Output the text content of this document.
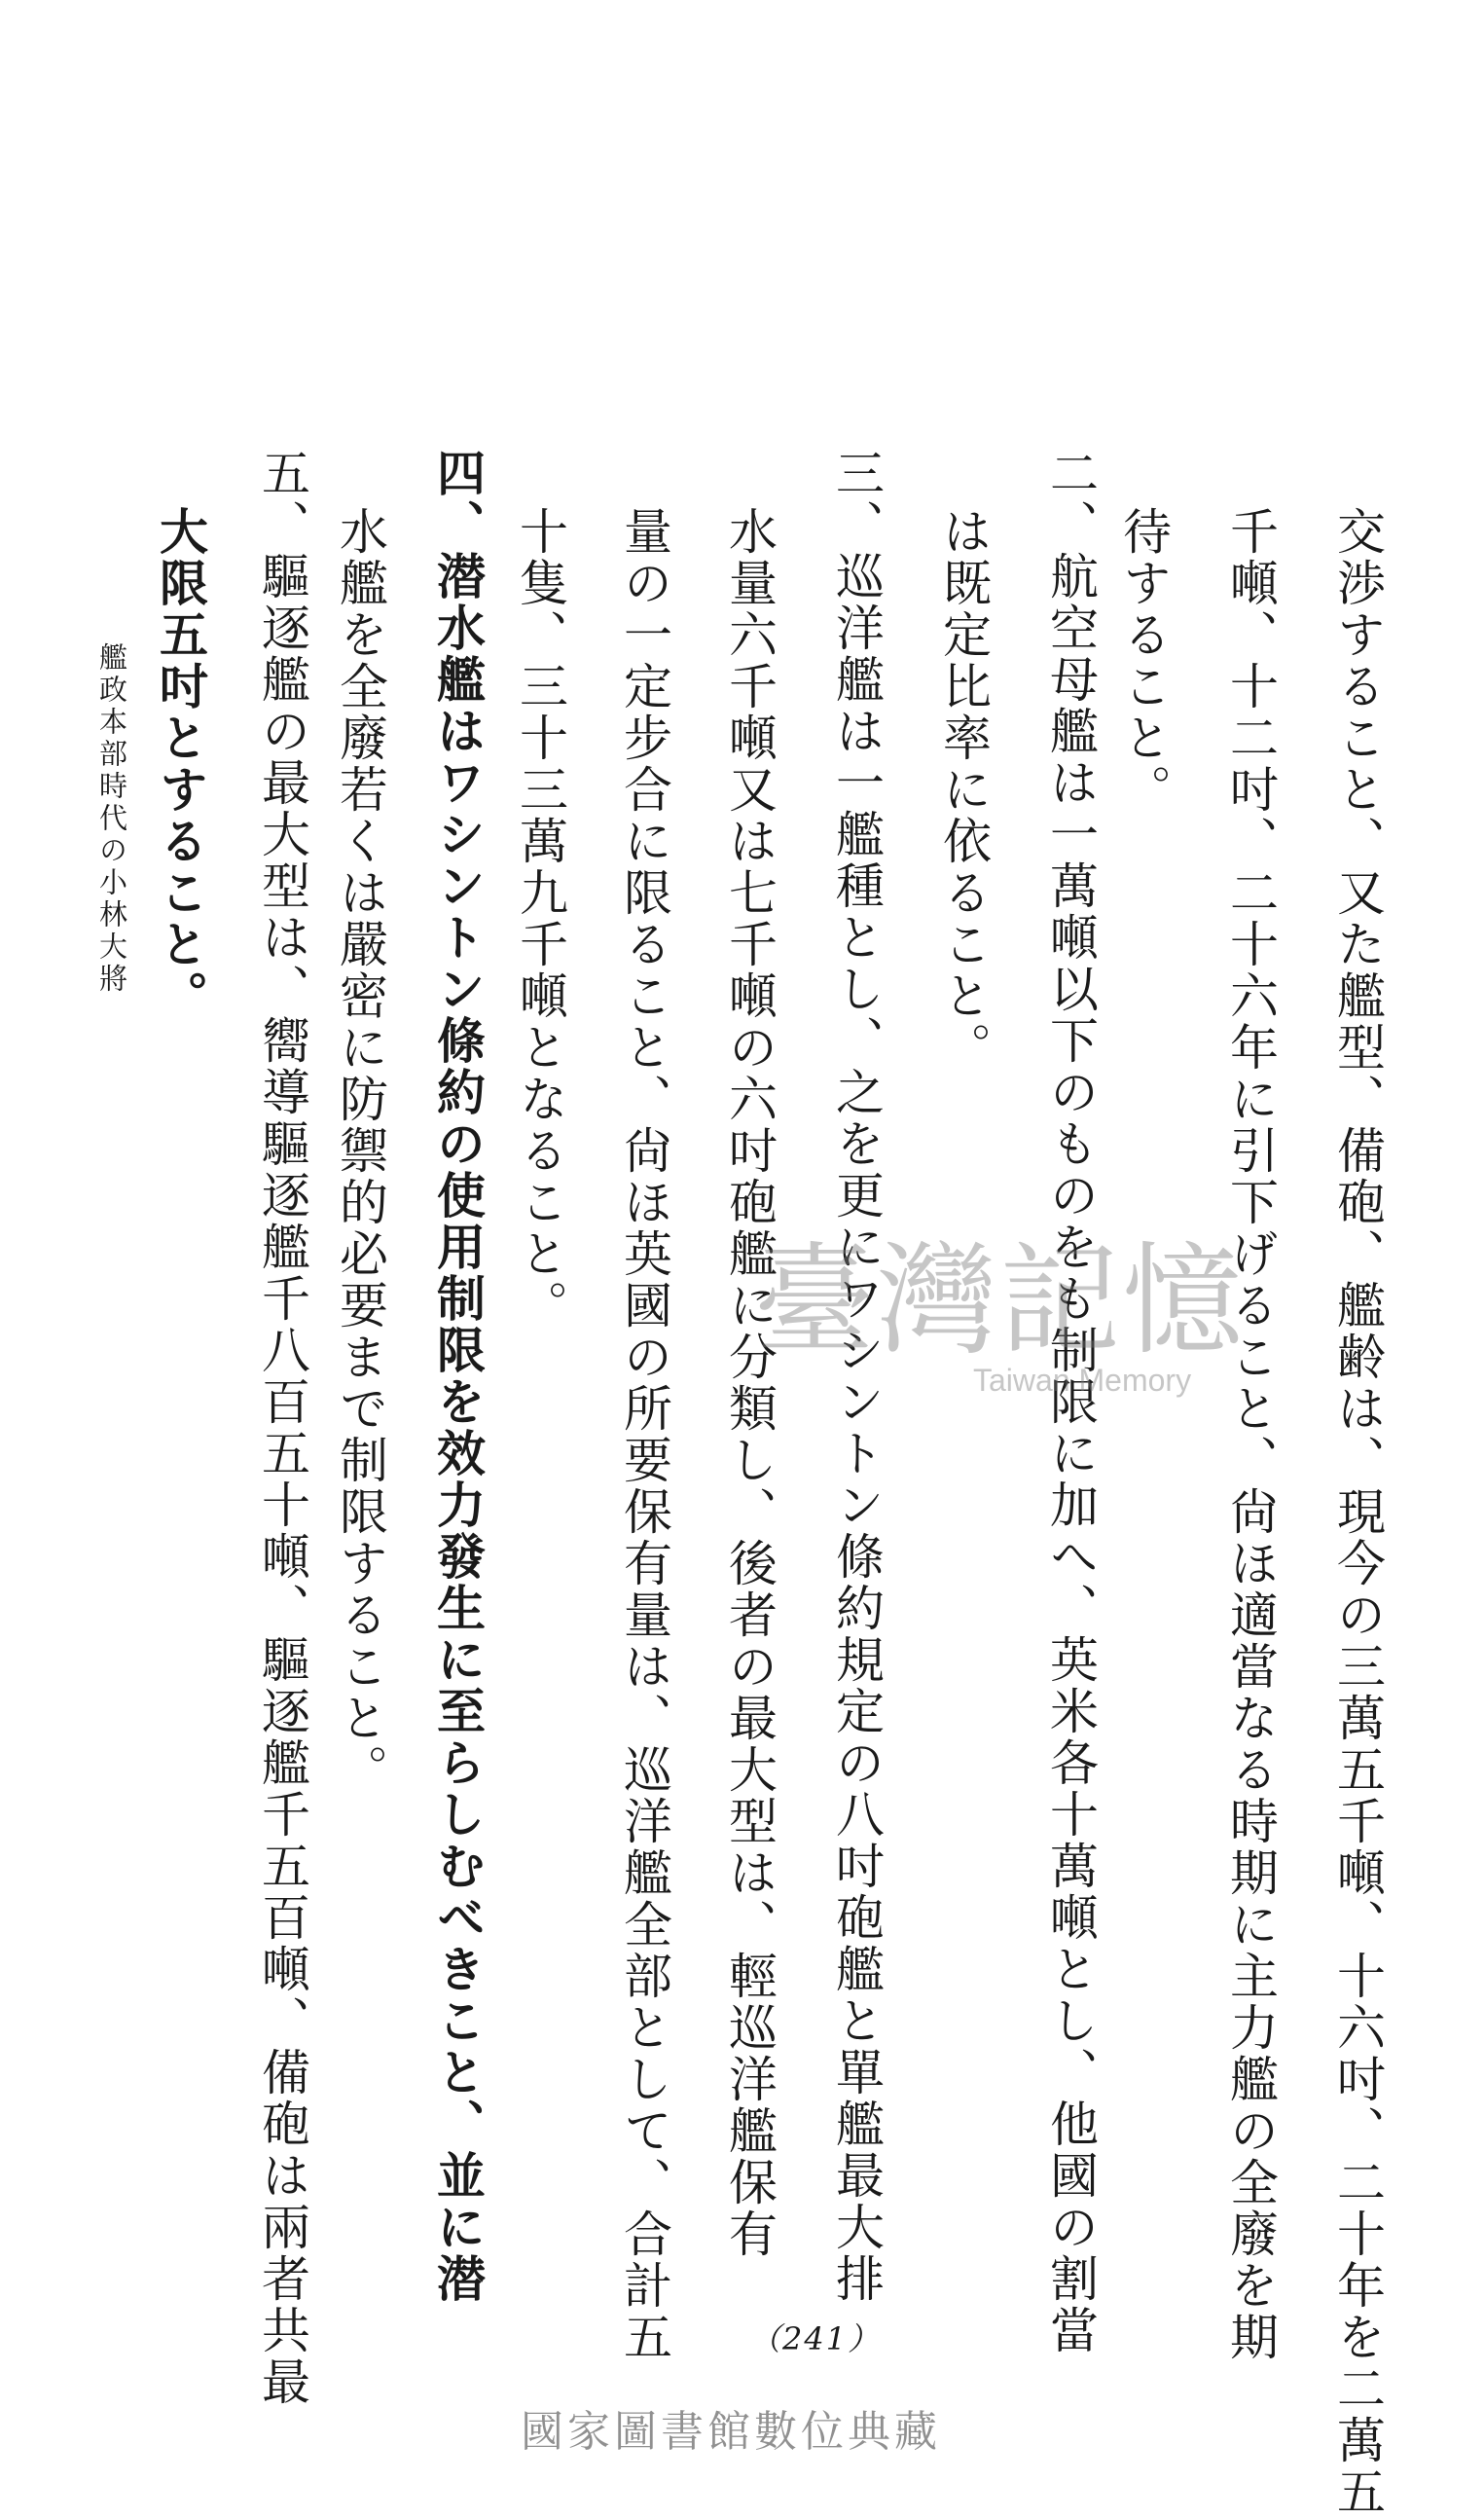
交渉すること、又た艦型、備砲、艦齢は、現今の三萬五千噸、十六吋、二十年を二萬五
千噸、十二吋、二十六年に引下げること、尙ほ適當なる時期に主力艦の全廢を期
待すること。
二、航空母艦は一萬噸以下のものをも制限に加へ、英米各十萬噸とし、他國の割當
は既定比率に依ること。
三、巡洋艦は一艦種とし、之を更にワシントン條約規定の八吋砲艦と單艦最大排
水量六千噸又は七千噸の六吋砲艦に分類し、後者の最大型は、輕巡洋艦保有
量の一定步合に限ること、尙ほ英國の所要保有量は、巡洋艦全部として、合計五
十隻、三十三萬九千噸となること。
四、潜水艦はワシントン條約の使用制限を效力發生に至らしむべきこと、並に潜
水艦を全廢若くは嚴密に防禦的必要まで制限すること。
五、驅逐艦の最大型は、嚮導驅逐艦千八百五十噸、驅逐艦千五百噸、備砲は兩者共最
大限五吋とすること。
艦政本部時代の小林大將
臺灣記憶
Taiwan Memory
（241）
國家圖書館數位典藏
